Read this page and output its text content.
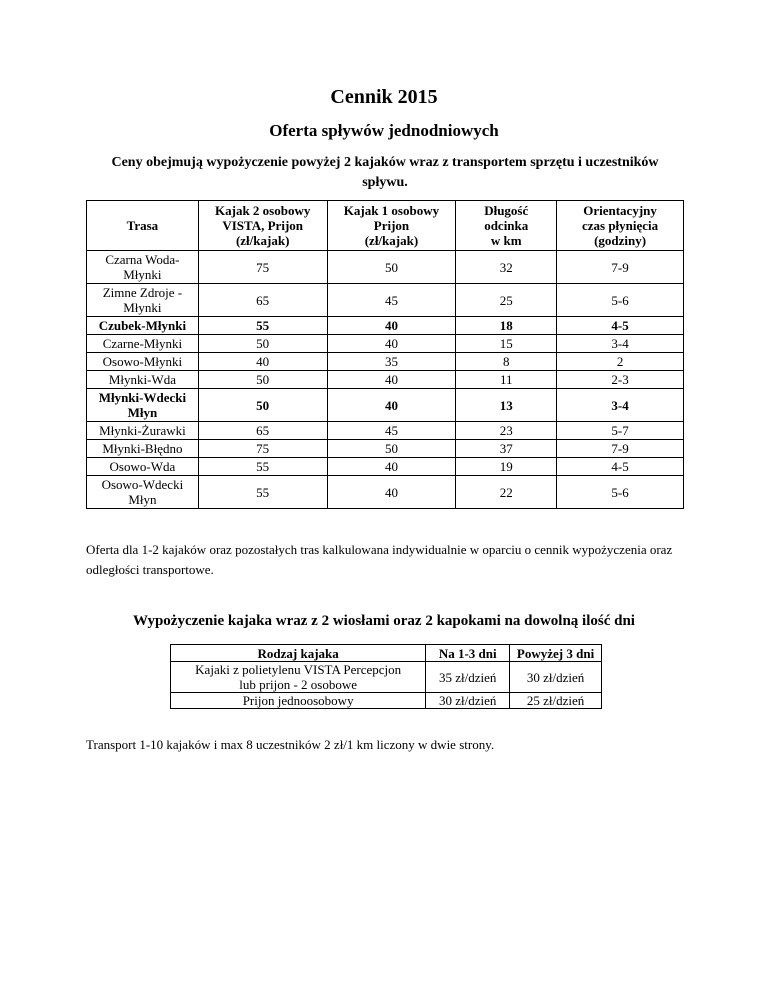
Cennik 2015
Oferta spływów jednodniowych
Ceny obejmują wypożyczenie powyżej 2 kajaków wraz z transportem sprzętu i uczestników spływu.
Trasa	Kajak 2 osobowy
VISTA, Prijon
(zł/kajak)	Kajak 1 osobowy
Prijon
(zł/kajak)	Długość
odcinka
w km	Orientacyjny
czas płynięcia
(godziny)
Czarna Woda-
Młynki	75	50	32	7-9
Zimne Zdroje -
Młynki	65	45	25	5-6
Czubek-Młynki	55	40	18	4-5
Czarne-Młynki	50	40	15	3-4
Osowo-Młynki	40	35	8	2
Młynki-Wda	50	40	11	2-3
Młynki-Wdecki
Młyn	50	40	13	3-4
Młynki-Żurawki	65	45	23	5-7
Młynki-Błędno	75	50	37	7-9
Osowo-Wda	55	40	19	4-5
Osowo-Wdecki
Młyn	55	40	22	5-6
Oferta dla 1-2 kajaków oraz pozostałych tras kalkulowana indywidualnie w oparciu o cennik wypożyczenia oraz odległości transportowe.
Wypożyczenie kajaka wraz z 2 wiosłami oraz 2 kapokami na dowolną ilość dni
Rodzaj kajaka	Na 1-3 dni	Powyżej 3 dni
Kajaki z polietylenu VISTA Percepcjon
lub prijon - 2 osobowe	35 zł/dzień	30 zł/dzień
Prijon jednoosobowy	30 zł/dzień	25 zł/dzień
Transport 1-10 kajaków i max 8 uczestników 2 zł/1 km liczony w dwie strony.
